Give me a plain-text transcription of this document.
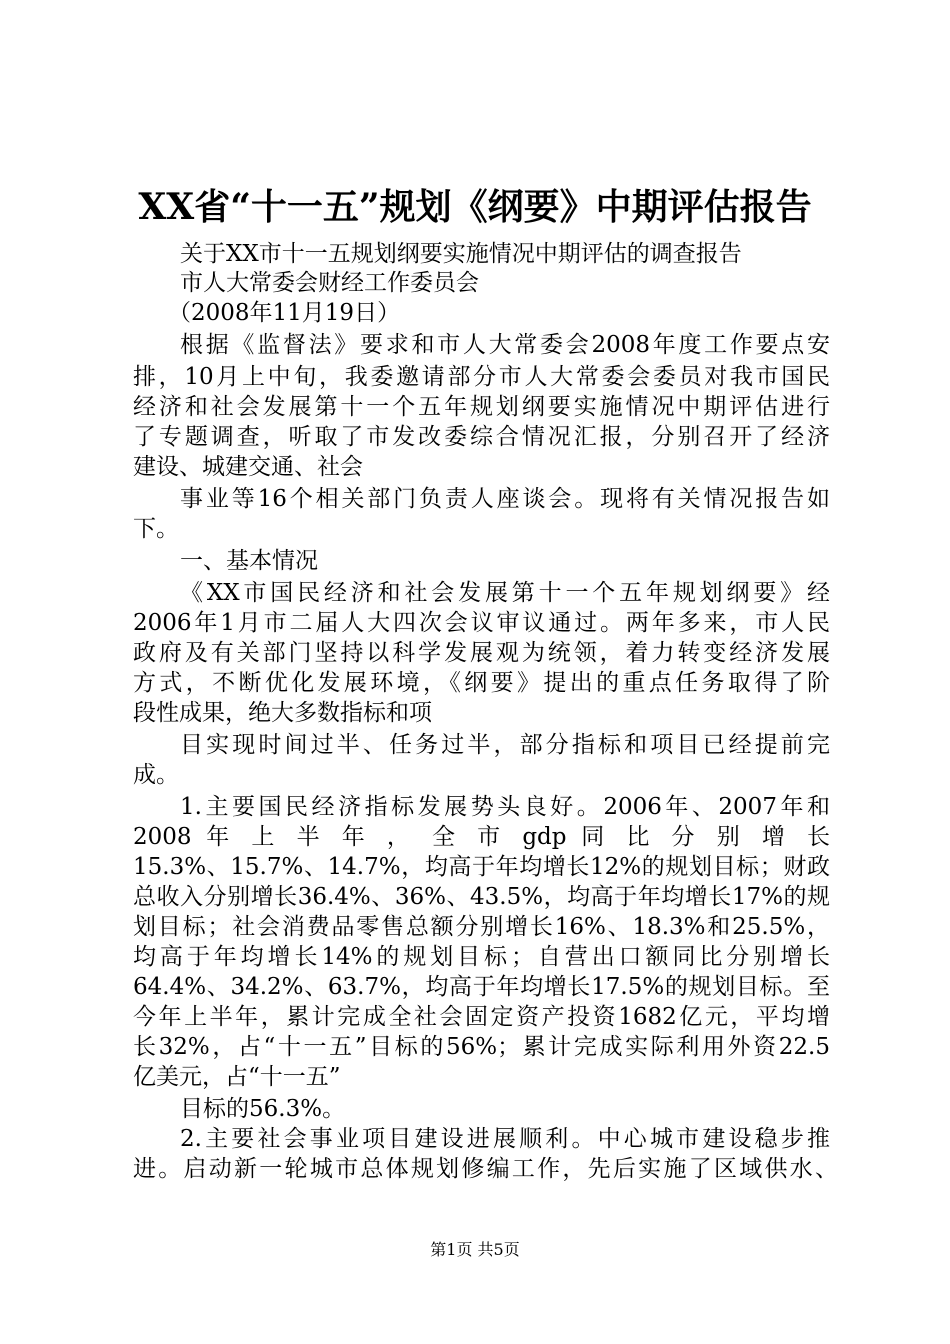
XX省“十一五”规划《纲要》中期评估报告
关于XX市十一五规划纲要实施情况中期评估的调查报告
市人大常委会财经工作委员会
（2008年11月19日）
根据《监督法》要求和市人大常委会2008年度工作要点安
排，10月上中旬，我委邀请部分市人大常委会委员对我市国民
经济和社会发展第十一个五年规划纲要实施情况中期评估进行
了专题调查，听取了市发改委综合情况汇报，分别召开了经济
建设、城建交通、社会
事业等16个相关部门负责人座谈会。现将有关情况报告如
下。
一、基本情况
《XX市国民经济和社会发展第十一个五年规划纲要》经
2006年1月市二届人大四次会议审议通过。两年多来，市人民
政府及有关部门坚持以科学发展观为统领，着力转变经济发展
方式，不断优化发展环境，《纲要》提出的重点任务取得了阶
段性成果，绝大多数指标和项
目实现时间过半、任务过半，部分指标和项目已经提前完
成。
1.主要国民经济指标发展势头良好。2006年、2007年和
2008 年 上 半 年 ， 全 市 gdp 同 比 分 别 增 长
15.3%、15.7%、14.7%，均高于年均增长12%的规划目标；财政
总收入分别增长36.4%、36%、43.5%，均高于年均增长17%的规
划目标；社会消费品零售总额分别增长16%、18.3%和25.5%，
均高于年均增长14%的规划目标；自营出口额同比分别增长
64.4%、34.2%、63.7%，均高于年均增长17.5%的规划目标。至
今年上半年，累计完成全社会固定资产投资1682亿元，平均增
长32%，占“十一五”目标的56%；累计完成实际利用外资22.5
亿美元，占“十一五”
目标的56.3%。
2.主要社会事业项目建设进展顺利。中心城市建设稳步推
进。启动新一轮城市总体规划修编工作，先后实施了区域供水、
第1页 共5页
